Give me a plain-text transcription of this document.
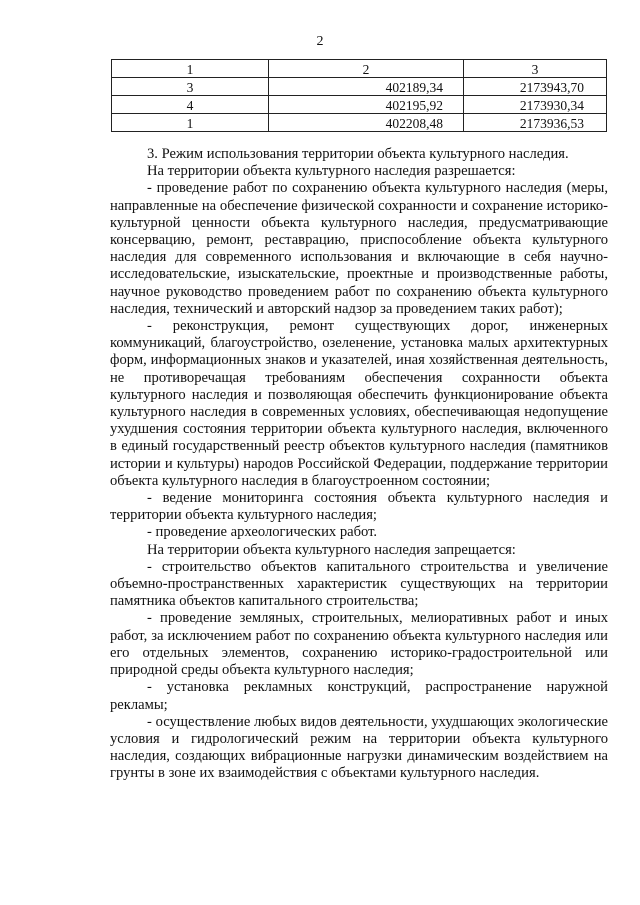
2
1	2	3
3	402189,34	2173943,70
4	402195,92	2173930,34
1	402208,48	2173936,53

3. Режим использования территории объекта культурного наследия.

На территории объекта культурного наследия разрешается:

- проведение работ по сохранению объекта культурного наследия (меры, направленные на обеспечение физической сохранности и сохранение историко-культурной ценности объекта культурного наследия, предусматривающие консервацию, ремонт, реставрацию, приспособление объекта культурного наследия для современного использования и включающие в себя научно-исследовательские, изыскательские, проектные и производственные работы, научное руководство проведением работ по сохранению объекта культурного наследия, технический и авторский надзор за проведением таких работ);

- реконструкция, ремонт существующих дорог, инженерных коммуникаций, благоустройство, озеленение, установка малых архитектурных форм, информационных знаков и указателей, иная хозяйственная деятельность, не противоречащая требованиям обеспечения сохранности объекта культурного наследия и позволяющая обеспечить функционирование объекта культурного наследия в современных условиях, обеспечивающая недопущение ухудшения состояния территории объекта культурного наследия, включенного в единый государственный реестр объектов культурного наследия (памятников истории и культуры) народов Российской Федерации, поддержание территории объекта культурного наследия в благоустроенном состоянии;

- ведение мониторинга состояния объекта культурного наследия и территории объекта культурного наследия;

- проведение археологических работ.

На территории объекта культурного наследия запрещается:

- строительство объектов капитального строительства и увеличение объемно-пространственных характеристик существующих на территории памятника объектов капитального строительства;

- проведение земляных, строительных, мелиоративных работ и иных работ, за исключением работ по сохранению объекта культурного наследия или его отдельных элементов, сохранению историко-градостроительной или природной среды объекта культурного наследия;

- установка рекламных конструкций, распространение наружной рекламы;

- осуществление любых видов деятельности, ухудшающих экологические условия и гидрологический режим на территории объекта культурного наследия, создающих вибрационные нагрузки динамическим воздействием на грунты в зоне их взаимодействия с объектами культурного наследия.
